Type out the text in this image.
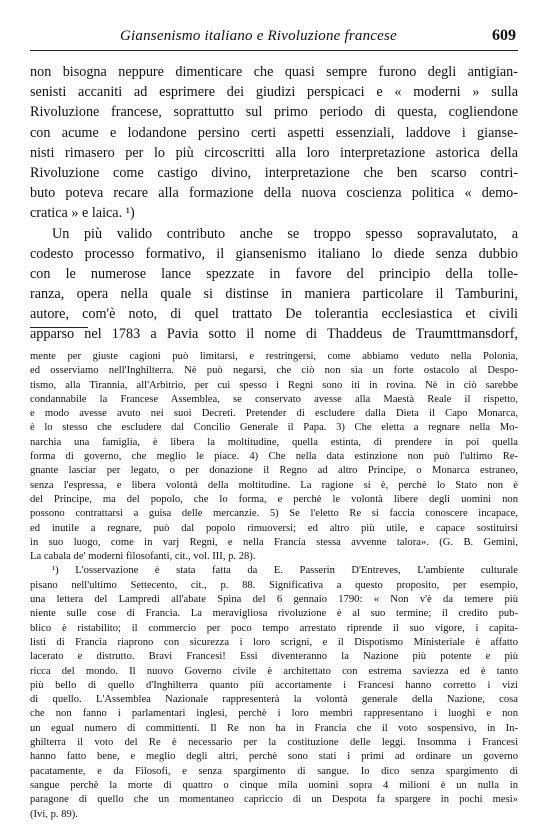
Giansenismo italiano e Rivoluzione francese	609
non bisogna neppure dimenticare che quasi sempre furono degli antigian-
senisti accaniti ad esprimere dei giudizi perspicaci e « moderni » sulla
Rivoluzione francese, soprattutto sul primo periodo di questa, cogliendone
con acume e lodandone persino certi aspetti essenziali, laddove i gianse-
nisti rimasero per lo più circoscritti alla loro interpretazione astorica della
Rivoluzione come castigo divino, interpretazione che ben scarso contri-
buto poteva recare alla formazione della nuova coscienza politica « demo-
cratica » e laica. ¹)
Un più valido contributo anche se troppo spesso sopravalutato, a
codesto processo formativo, il giansenismo italiano lo diede senza dubbio
con le numerose lance spezzate in favore del principio della tolle-
ranza, opera nella quale si distinse in maniera particolare il Tamburini,
autore, com'è noto, di quel trattato De tolerantia ecclesiastica et civili
apparso nel 1783 a Pavia sotto il nome di Thaddeus de Traumttmansdorf,
mente per giuste cagioni può limitarsi, e restringersi, come abbiamo veduto nella Polonia,
ed osserviamo nell'Inghilterra. Nè può negarsi, che ciò non sia un forte ostacolo al Despo-
tismo, alla Tirannia, all'Arbitrio, per cui spesso i Regni sono iti in rovina. Nè in ciò sarebbe
condannabile la Francese Assemblea, se conservato avesse alla Maestà Reale il rispetto,
e modo avesse avuto nei suoi Decreti. Pretender di escludere dalla Dieta il Capo Monarca,
è lo stesso che escludere dal Concilio Generale il Papa. 3) Che eletta a regnare nella Mo-
narchia una famiglia, è libera la moltitudine, quella estinta, di prendere in poi quella
forma di governo, che meglio le piace. 4) Che nella data estinzione non può l'ultimo Re-
gnante lasciar per legato, o per donazione il Regno ad altro Principe, o Monarca estraneo,
senza l'espressa, e libera volontà della moltitudine. La ragione si è, perchè lo Stato non è
del Principe, ma del popolo, che lo forma, e perchè le volontà libere degli uomini non
possono contrattarsi a guisa delle mercanzie. 5) Se l'eletto Re si faccia conoscere incapace,
ed inutile a regnare, può dal popolo rimuoversi; ed altro più utile, e capace sostituirsi
in suo luogo, come in varj Regni, e nella Francia stessa avvenne talora». (G. B. Gemini,
La cabala de' moderni filosofanti, cit., vol. III, p. 28).
¹) L'osservazione è stata fatta da E. Passerin D'Entreves, L'ambiente culturale
pisano nell'ultimo Settecento, cit., p. 88. Significativa a questo proposito, per esempio,
una lettera del Lampredi all'abate Spina del 6 gennaio 1790: « Non v'è da temere più
niente sulle cose di Francia. La meravigliosa rivoluzione è al suo termine; il credito pub-
blico è ristabilito; il commercio per poco tempo arrestato riprende il suo vigore, i capita-
listi di Francia riaprono con sicurezza i loro scrigni, e il Dispotismo Ministeriale è affatto
lacerato e distrutto. Bravi Francesi! Essi diventeranno la Nazione più potente e più
ricca del mondo. Il nuovo Governo civile è architettato con estrema saviezza ed è tanto
più bello di quello d'Inghilterra quanto più accortamente i Francesi hanno corretto i vizi
di quello. L'Assemblea Nazionale rappresenterà la volontà generale della Nazione, cosa
che non fanno i parlamentari inglesi, perchè i loro membri rappresentano i luoghi e non
un egual numero di committenti. Il Re non ha in Francia che il voto sospensivo, in In-
ghilterra il voto del Re è necessario per la costituzione delle leggi. Insomma i Francesi
hanno fatto bene, e meglio degli altri, perchè sono stati i primi ad ordinare un governo
pacatamente, e da Filosofi, e senza spargimento di sangue. Io dico senza spargimento di
sangue perchè la morte di quattro o cinque mila uomini sopra 4 milioni è un nulla in
paragone di quello che un momentaneo capriccio di un Despota fa spargere in pochi mesi»
(Ivi, p. 89).
